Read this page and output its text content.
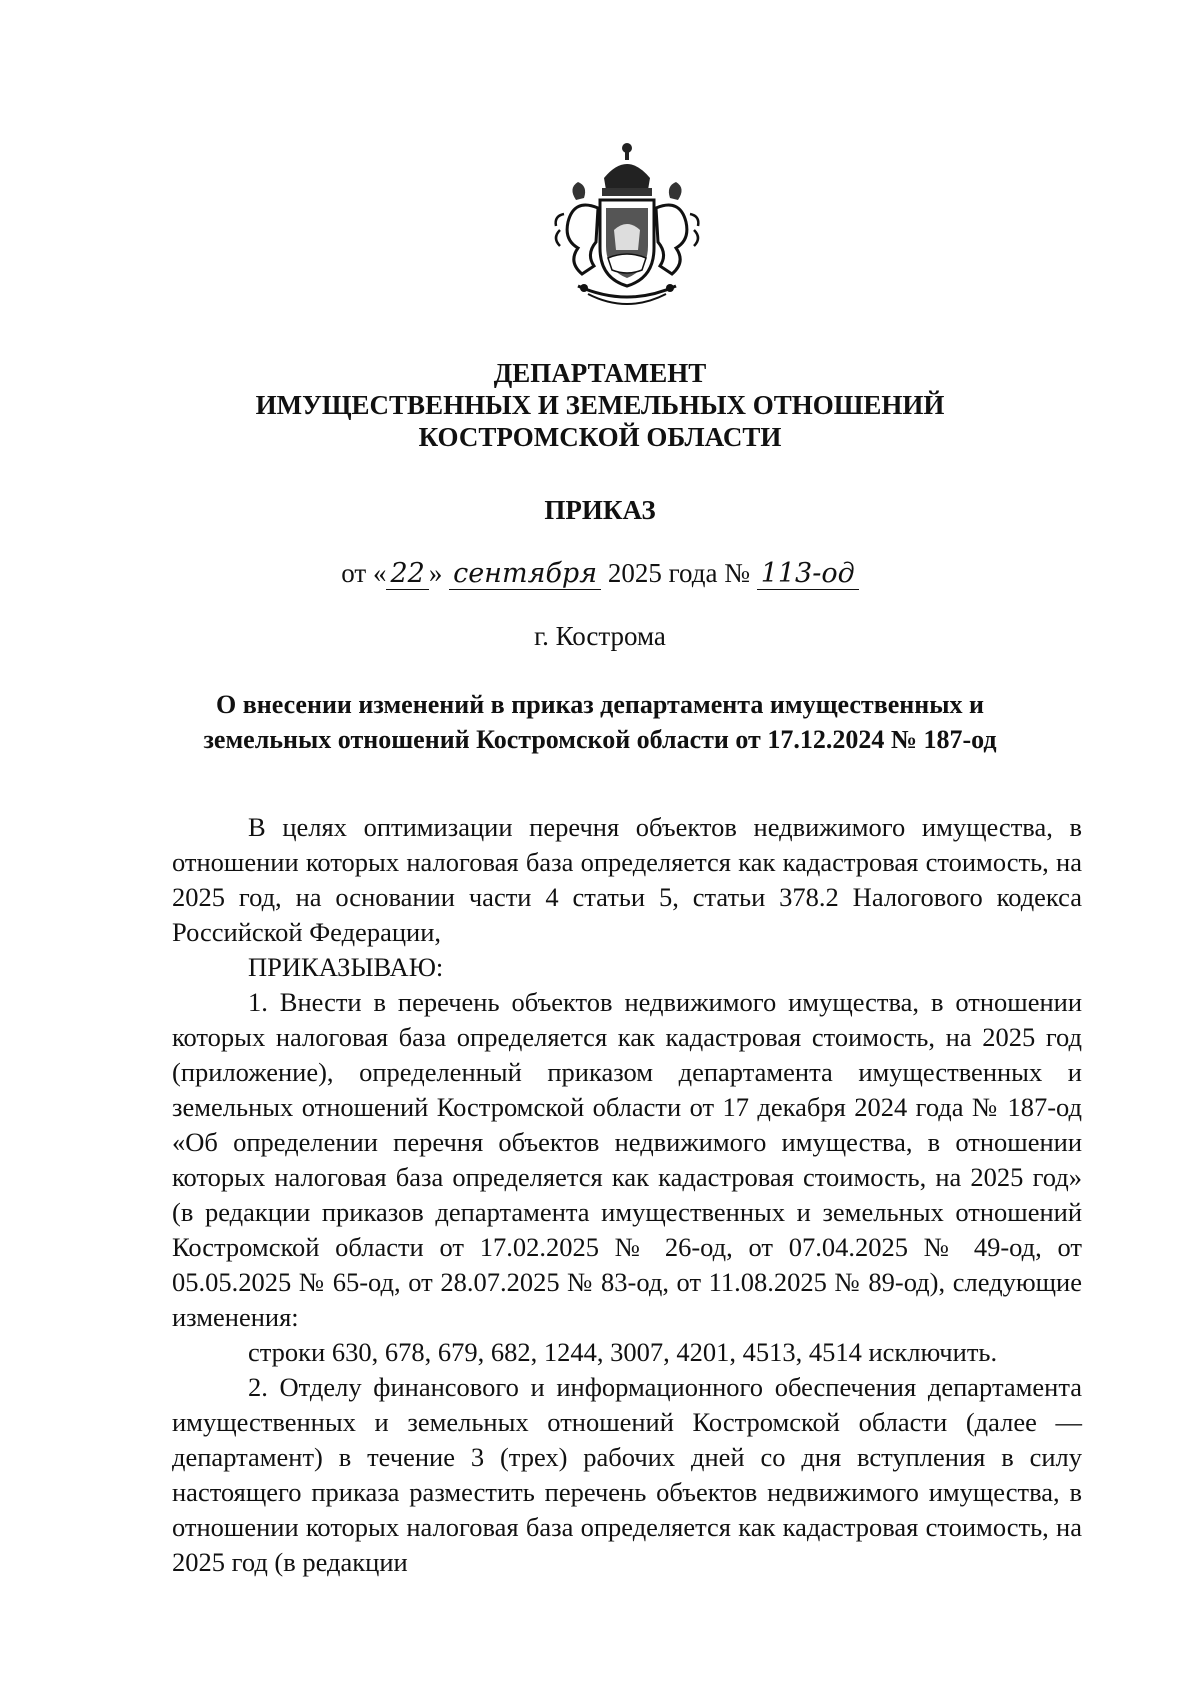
ДЕПАРТАМЕНТ
ИМУЩЕСТВЕННЫХ И ЗЕМЕЛЬНЫХ ОТНОШЕНИЙ
КОСТРОМСКОЙ ОБЛАСТИ
ПРИКАЗ
от « 22 » сентября 2025 года № 113-од
г. Кострома
О внесении изменений в приказ департамента имущественных и земельных отношений Костромской области от 17.12.2024 № 187-од

В целях оптимизации перечня объектов недвижимого имущества, в отношении которых налоговая база определяется как кадастровая стоимость, на 2025 год, на основании части 4 статьи 5, статьи 378.2 Налогового кодекса Российской Федерации,

ПРИКАЗЫВАЮ:

1. Внести в перечень объектов недвижимого имущества, в отношении которых налоговая база определяется как кадастровая стоимость, на 2025 год (приложение), определенный приказом департамента имущественных и земельных отношений Костромской области от 17 декабря 2024 года № 187-од «Об определении перечня объектов недвижимого имущества, в отношении которых налоговая база определяется как кадастровая стоимость, на 2025 год» (в редакции приказов департамента имущественных и земельных отношений Костромской области от 17.02.2025 № 26-од, от 07.04.2025 № 49-од, от 05.05.2025 № 65-од, от 28.07.2025 № 83-од, от 11.08.2025 № 89-од), следующие изменения:

строки 630, 678, 679, 682, 1244, 3007, 4201, 4513, 4514 исключить.

2. Отделу финансового и информационного обеспечения департамента имущественных и земельных отношений Костромской области (далее — департамент) в течение 3 (трех) рабочих дней со дня вступления в силу настоящего приказа разместить перечень объектов недвижимого имущества, в отношении которых налоговая база определяется как кадастровая стоимость, на 2025 год (в редакции
